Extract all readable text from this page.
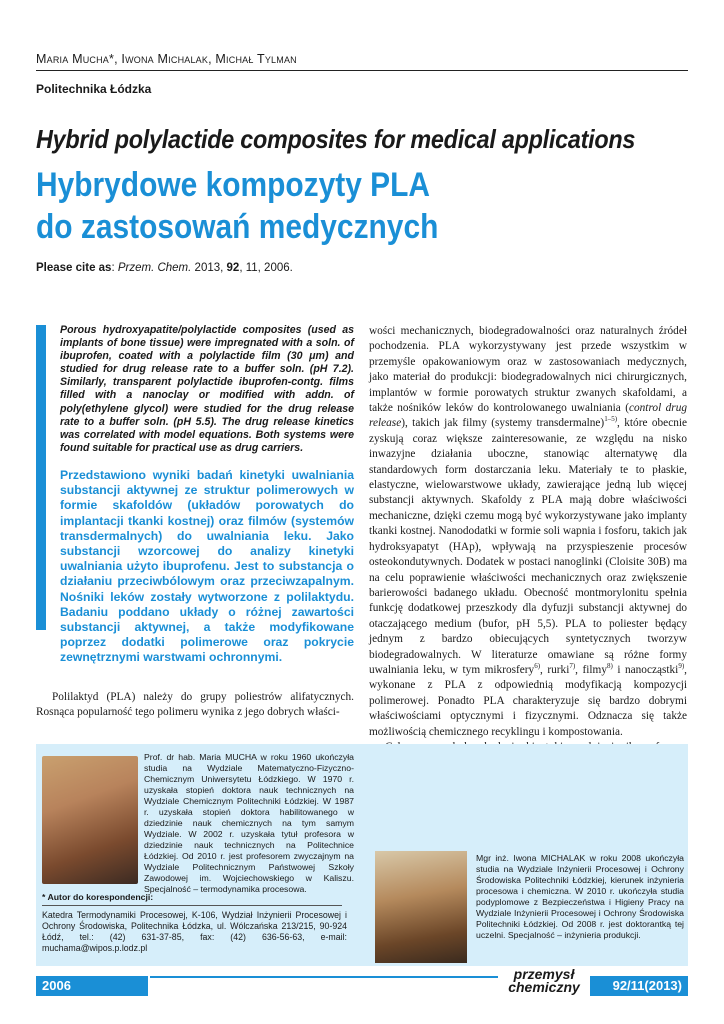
Maria Mucha*, Iwona Michalak, Michał Tylman
Politechnika Łódzka
Hybrid polylactide composites for medical applications
Hybrydowe kompozyty PLA
do zastosowań medycznych
Please cite as: Przem. Chem. 2013, 92, 11, 2006.
Porous hydroxyapatite/polylactide composites (used as implants of bone tissue) were impregnated with a soln. of ibuprofen, coated with a polylactide film (30 μm) and studied for drug release rate to a buffer soln. (pH 7.2). Similarly, transparent polylactide ibuprofen-contg. films filled with a nanoclay or modified with addn. of poly(ethylene glycol) were studied for the drug release rate to a buffer soln. (pH 5.5). The drug release kinetics was correlated with model equations. Both systems were found suitable for practical use as drug carriers.
Przedstawiono wyniki badań kinetyki uwalniania substancji aktywnej ze struktur polimerowych w formie skafoldów (układów porowatych do implantacji tkanki kostnej) oraz filmów (systemów transdermalnych) do uwalniania leku. Jako substancji wzorcowej do analizy kinetyki uwalniania użyto ibuprofenu. Jest to substancja o działaniu przeciwbólowym oraz przeciwzapalnym. Nośniki leków zostały wytworzone z polilaktydu. Badaniu poddano układy o różnej zawartości substancji aktywnej, a także modyfikowane poprzez dodatki polimerowe oraz pokrycie zewnętrznymi warstwami ochronnymi.

Polilaktyd (PLA) należy do grupy poliestrów alifatycznych. Rosnąca popularność tego polimeru wynika z jego dobrych właści-

wości mechanicznych, biodegradowalności oraz naturalnych źródeł pochodzenia. PLA wykorzystywany jest przede wszystkim w przemyśle opakowaniowym oraz w zastosowaniach medycznych, jako materiał do produkcji: biodegradowalnych nici chirurgicznych, implantów w formie porowatych struktur zwanych skafoldami, a także nośników leków do kontrolowanego uwalniania (control drug release), takich jak filmy (systemy transdermalne)$^{1-5)}$, które obecnie zyskują coraz większe zainteresowanie, ze względu na nisko inwazyjne działania uboczne, stanowiąc alternatywę dla standardowych form dostarczania leku. Materiały te to płaskie, elastyczne, wielowarstwowe układy, zawierające jedną lub więcej substancji aktywnych. Skafoldy z PLA mają dobre właściwości mechaniczne, dzięki czemu mogą być wykorzystywane jako implanty tkanki kostnej. Nanododatki w formie soli wapnia i fosforu, takich jak hydroksyapatyt (HAp), wpływają na przyspieszenie procesów osteokondutywnych. Dodatek w postaci nanoglinki (Cloisite 30B) ma na celu poprawienie właściwości mechanicznych oraz zwiększenie barierowości badanego układu. Obecność montmorylonitu spełnia funkcję dodatkowej przeszkody dla dyfuzji substancji aktywnej do otaczającego medium (bufor, pH 5,5). PLA to poliester będący jednym z bardzo obiecujących syntetycznych tworzyw biodegradowalnych. W literaturze omawiane są różne formy uwalniania leku, w tym mikrosfery$^{6)}$, rurki$^{7)}$, filmy$^{8)}$ i nanocząstki$^{9)}$, wykonane z PLA z odpowiednią modyfikacją kompozycji polimerowej. Ponadto PLA charakteryzuje się bardzo dobrymi właściwościami optycznymi i fizycznymi. Odznacza się także możliwością chemicznego recyklingu i kompostowania.

Prof. dr hab. Maria MUCHA w roku 1960 ukończyła studia na Wydziale Matematyczno-Fizyczno-Chemicznym Uniwersytetu Łódzkiego. W 1970 r. uzyskała stopień doktora nauk technicznych na Wydziale Chemicznym Politechniki Łódzkiej. W 1987 r. uzyskała stopień doktora habilitowanego w dziedzinie nauk chemicznych na tym samym Wydziale. W 2002 r. uzyskała tytuł profesora w dziedzinie nauk technicznych na Politechnice Łódzkiej. Od 2010 r. jest profesorem zwyczajnym na Wydziale Politechnicznym Państwowej Szkoły Zawodowej im. Wojciechowskiego w Kaliszu. Specjalność – termodynamika procesowa.
* Autor do korespondencji:
Katedra Termodynamiki Procesowej, K-106, Wydział Inżynierii Procesowej i Ochrony Środowiska, Politechnika Łódzka, ul. Wólczańska 213/215, 90-924 Łódź, tel.: (42) 631-37-85, fax: (42) 636-56-63, e-mail: muchama@wipos.p.lodz.pl
Mgr inż. Iwona MICHALAK w roku 2008 ukończyła studia na Wydziale Inżynierii Procesowej i Ochrony Środowiska Politechniki Łódzkiej, kierunek inżynieria procesowa i chemiczna. W 2010 r. ukończyła studia podyplomowe z Bezpieczeństwa i Higieny Pracy na Wydziale Inżynierii Procesowej i Ochrony Środowiska Politechniki Łódzkiej. Od 2008 r. jest doktorantką tej uczelni. Specjalność – inżynieria produkcji.
2006
przemysł
chemiczny	92/11(2013)
